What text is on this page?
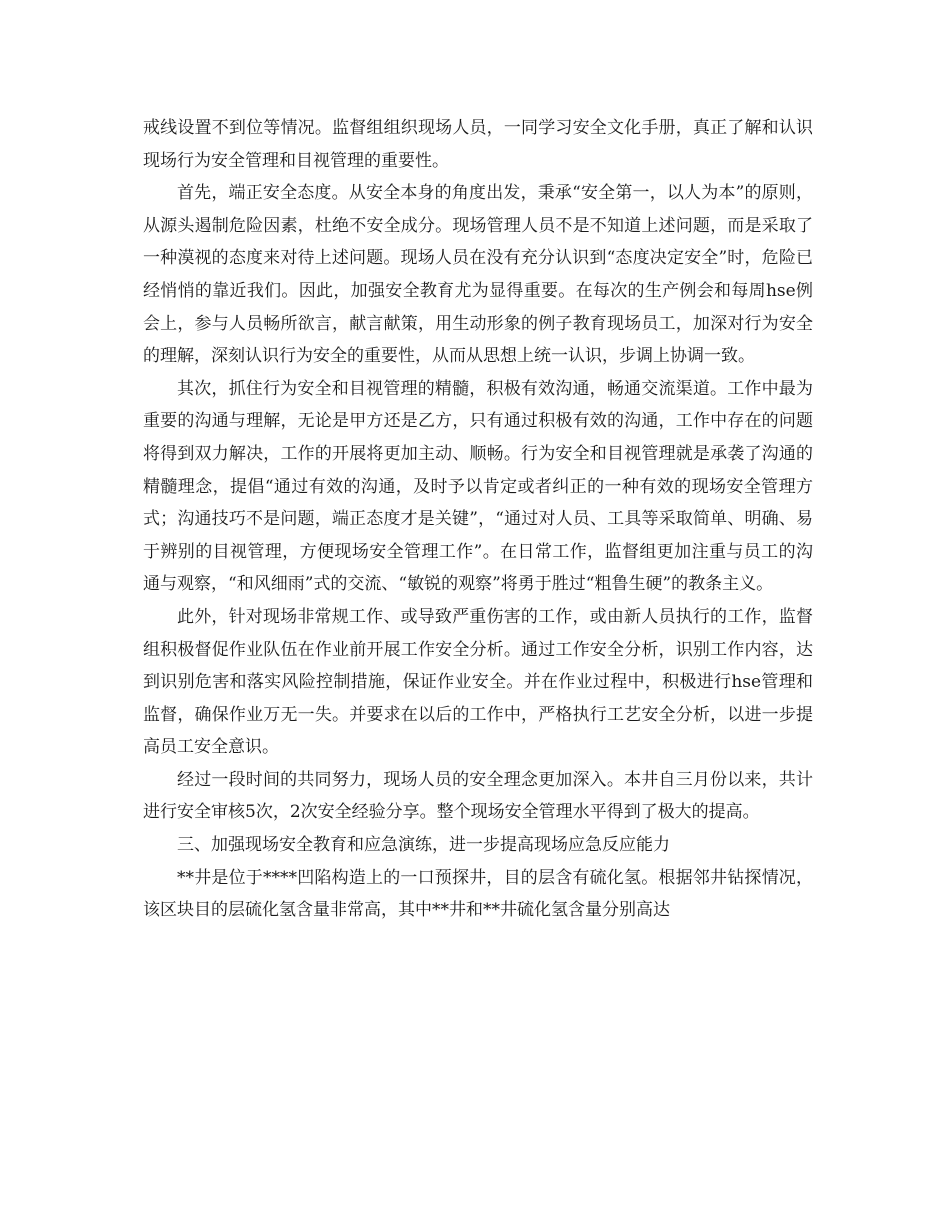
戒线设置不到位等情况。监督组组织现场人员，一同学习安全文化手册，真正了解和认识现场行为安全管理和目视管理的重要性。

首先，端正安全态度。从安全本身的角度出发，秉承“安全第一，以人为本”的原则，从源头遏制危险因素，杜绝不安全成分。现场管理人员不是不知道上述问题，而是采取了一种漠视的态度来对待上述问题。现场人员在没有充分认识到“态度决定安全”时，危险已经悄悄的靠近我们。因此，加强安全教育尤为显得重要。在每次的生产例会和每周hse例会上，参与人员畅所欲言，献言献策，用生动形象的例子教育现场员工，加深对行为安全的理解，深刻认识行为安全的重要性，从而从思想上统一认识，步调上协调一致。

其次，抓住行为安全和目视管理的精髓，积极有效沟通，畅通交流渠道。工作中最为重要的沟通与理解，无论是甲方还是乙方，只有通过积极有效的沟通，工作中存在的问题将得到双力解决，工作的开展将更加主动、顺畅。行为安全和目视管理就是承袭了沟通的精髓理念，提倡“通过有效的沟通，及时予以肯定或者纠正的一种有效的现场安全管理方式；沟通技巧不是问题，端正态度才是关键”，“通过对人员、工具等采取简单、明确、易于辨别的目视管理，方便现场安全管理工作”。在日常工作，监督组更加注重与员工的沟通与观察，“和风细雨”式的交流、“敏锐的观察”将勇于胜过“粗鲁生硬”的教条主义。

此外，针对现场非常规工作、或导致严重伤害的工作，或由新人员执行的工作，监督组积极督促作业队伍在作业前开展工作安全分析。通过工作安全分析，识别工作内容，达到识别危害和落实风险控制措施，保证作业安全。并在作业过程中，积极进行hse管理和监督，确保作业万无一失。并要求在以后的工作中，严格执行工艺安全分析，以进一步提高员工安全意识。

经过一段时间的共同努力，现场人员的安全理念更加深入。本井自三月份以来，共计进行安全审核5次，2次安全经验分享。整个现场安全管理水平得到了极大的提高。

三、加强现场安全教育和应急演练，进一步提高现场应急反应能力

**井是位于****凹陷构造上的一口预探井，目的层含有硫化氢。根据邻井钻探情况，该区块目的层硫化氢含量非常高，其中**井和**井硫化氢含量分别高达
